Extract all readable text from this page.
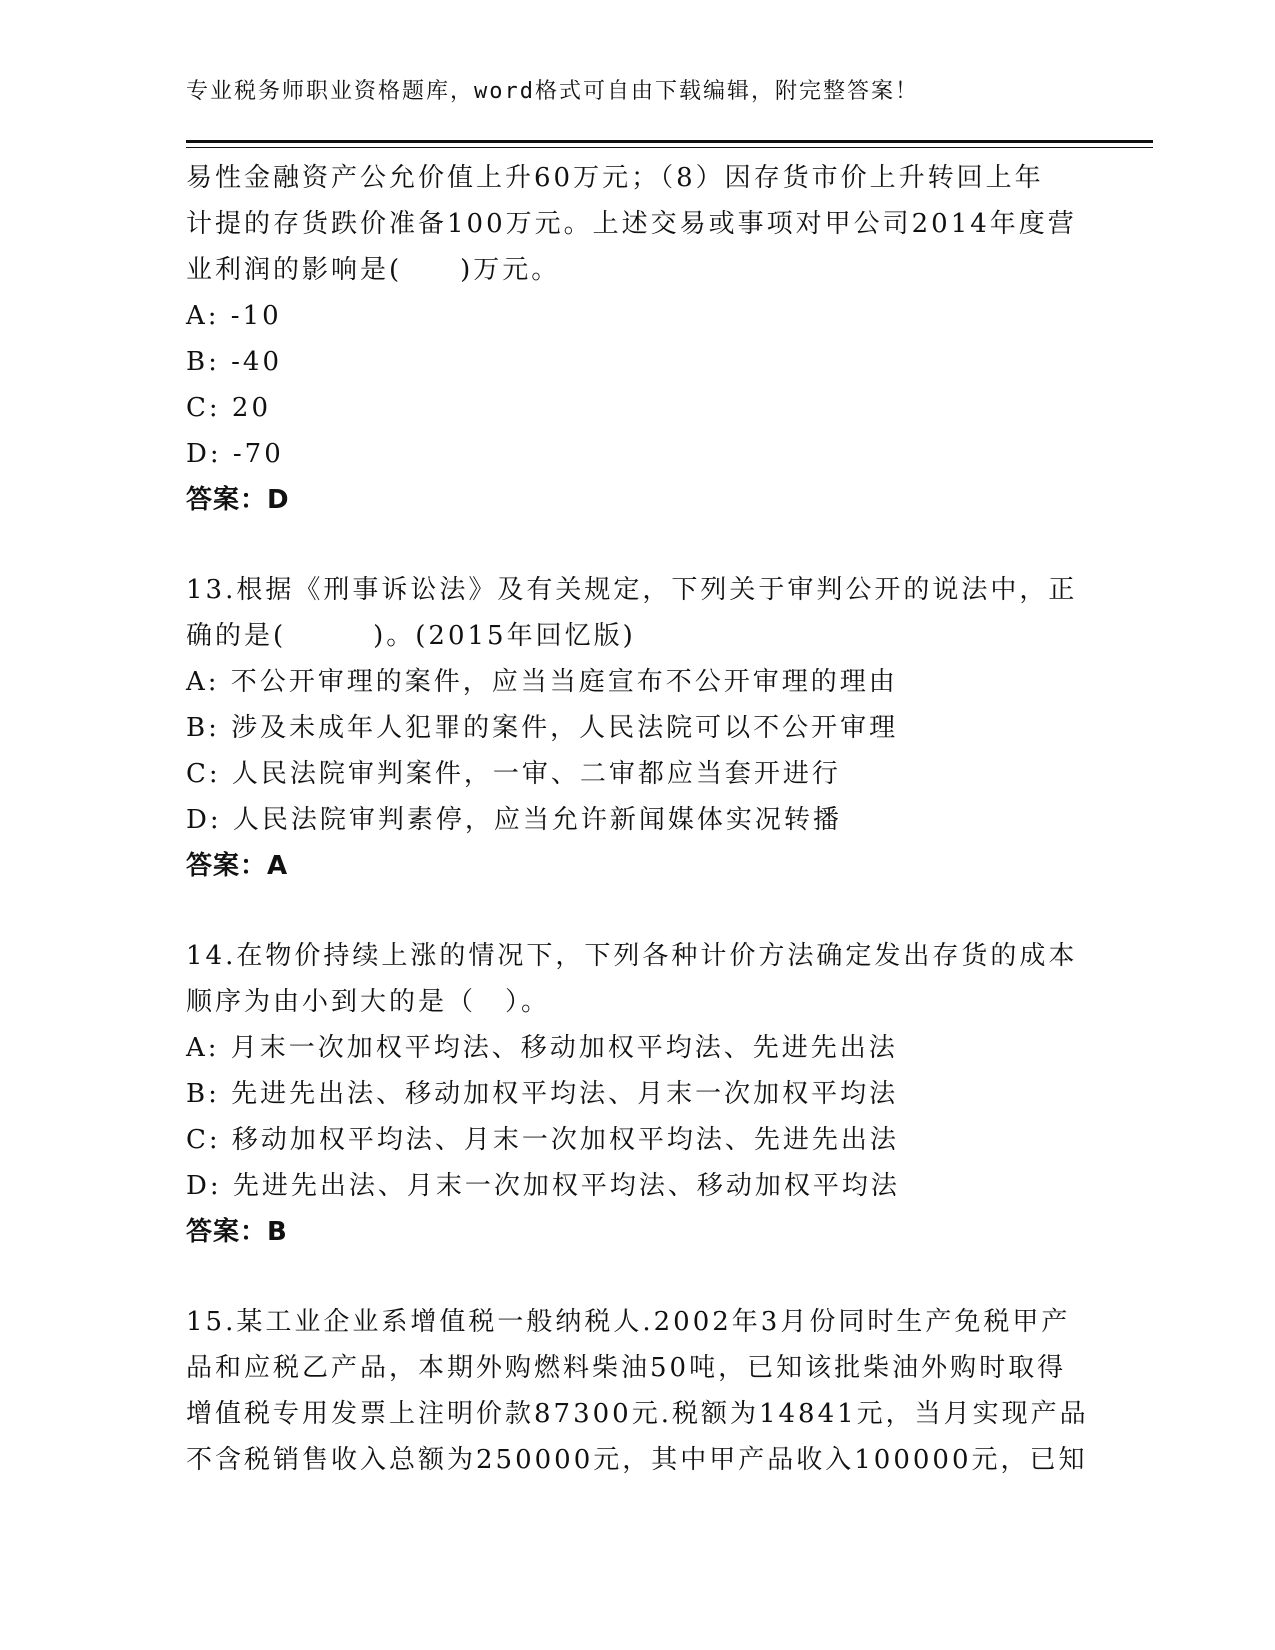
专业税务师职业资格题库，word格式可自由下载编辑，附完整答案！
易性金融资产公允价值上升60万元；（8）因存货市价上升转回上年
计提的存货跌价准备100万元。上述交易或事项对甲公司2014年度营
业利润的影响是(　　)万元。
A: -10
B: -40
C: 20
D: -70
答案：D
13.根据《刑事诉讼法》及有关规定，下列关于审判公开的说法中，正
确的是(　　　)。(2015年回忆版)
A: 不公开审理的案件，应当当庭宣布不公开审理的理由
B: 涉及未成年人犯罪的案件，人民法院可以不公开审理
C: 人民法院审判案件，一审、二审都应当套开进行
D: 人民法院审判素停，应当允许新闻媒体实况转播
答案：A
14.在物价持续上涨的情况下，下列各种计价方法确定发出存货的成本
顺序为由小到大的是（　）。
A: 月末一次加权平均法、移动加权平均法、先进先出法
B: 先进先出法、移动加权平均法、月末一次加权平均法
C: 移动加权平均法、月末一次加权平均法、先进先出法
D: 先进先出法、月末一次加权平均法、移动加权平均法
答案：B
15.某工业企业系增值税一般纳税人.2002年3月份同时生产免税甲产
品和应税乙产品，本期外购燃料柴油50吨，已知该批柴油外购时取得
增值税专用发票上注明价款87300元.税额为14841元，当月实现产品
不含税销售收入总额为250000元，其中甲产品收入100000元，已知
